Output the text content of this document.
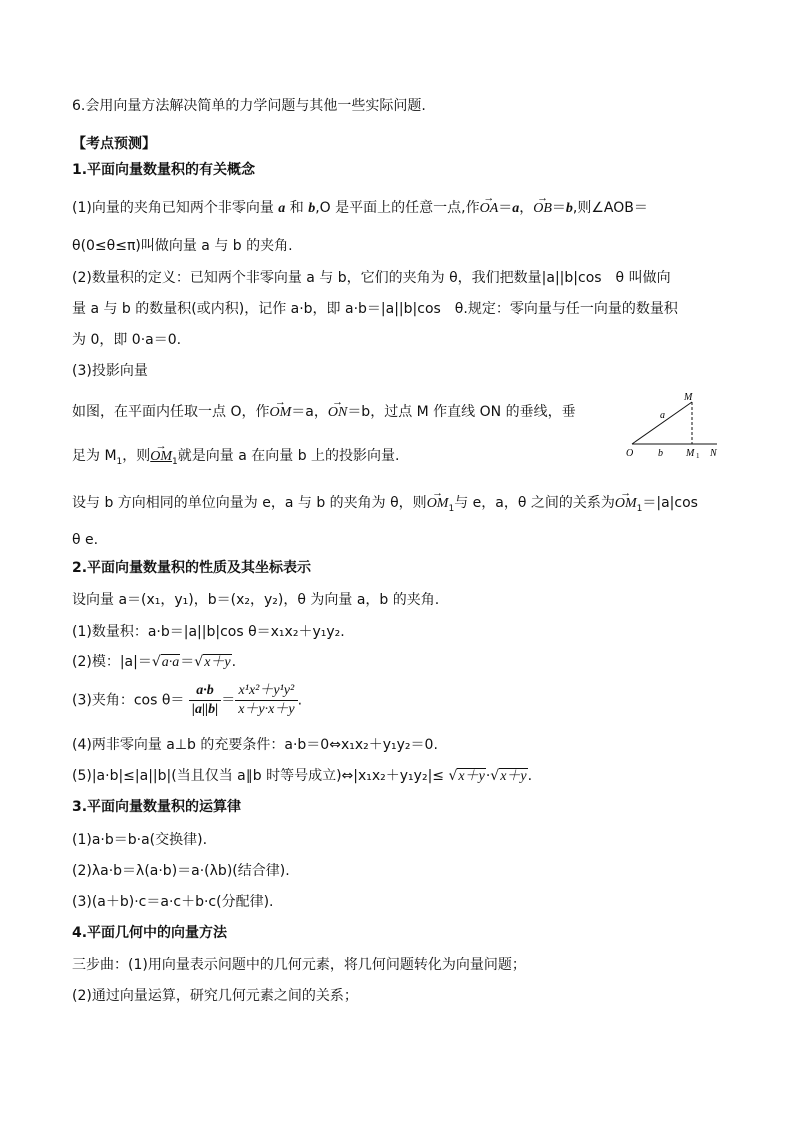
6.会用向量方法解决简单的力学问题与其他一些实际问题.
【考点预测】
1.平面向量数量积的有关概念
(1)向量的夹角已知两个非零向量 a 和 b,O 是平面上的任意一点,作→ OA＝a，→ OB＝b,则∠AOB＝
θ(0≤θ≤π)叫做向量 a 与 b 的夹角.
(2)数量积的定义：已知两个非零向量 a 与 b，它们的夹角为 θ，我们把数量|a||b|cos　θ 叫做向
量 a 与 b 的数量积(或内积)，记作 a·b，即 a·b＝|a||b|cos　θ.规定：零向量与任一向量的数量积
为 0，即 0·a＝0.
(3)投影向量
如图，在平面内任取一点 O，作→ OM＝a，→ ON＝b，过点 M 作直线 ON 的垂线，垂
足为 $M_1$，则→ $OM_1$就是向量 a 在向量 b 上的投影向量.
M
a
O b M 1 N
设与 b 方向相同的单位向量为 e，a 与 b 的夹角为 θ，则→ $OM_1$与 e，a，θ 之间的关系为→ $OM_1=|a|\cos$
θ e.
2.平面向量数量积的性质及其坐标表示
设向量 a＝(x₁，y₁)，b＝(x₂，y₂)，θ 为向量 a，b 的夹角.
(1)数量积：a·b＝|a||b|cos θ＝x₁x₂＋y₁y₂.
(2)模：|a|＝√a·a＝√x＋y.
(3)夹角：$\cos \theta= \frac{a\cdot b}{|a||b|} = \frac{\text{x¹x²＋y¹y²}}{x+y\cdot x+y}$ .
(4)两非零向量 a⊥b 的充要条件：a·b＝0⇔x₁x₂＋y₁y₂＝0.
(5)|a·b|≤|a||b|(当且仅当 a∥b 时等号成立)⇔|x₁x₂＋y₁y₂|≤ √x＋y·√x＋y.
3.平面向量数量积的运算律
(1)a·b＝b·a(交换律).
(2)λa·b＝λ(a·b)＝a·(λb)(结合律).
(3)(a＋b)·c＝a·c＋b·c(分配律).
4.平面几何中的向量方法
三步曲：(1)用向量表示问题中的几何元素，将几何问题转化为向量问题；
(2)通过向量运算，研究几何元素之间的关系；
